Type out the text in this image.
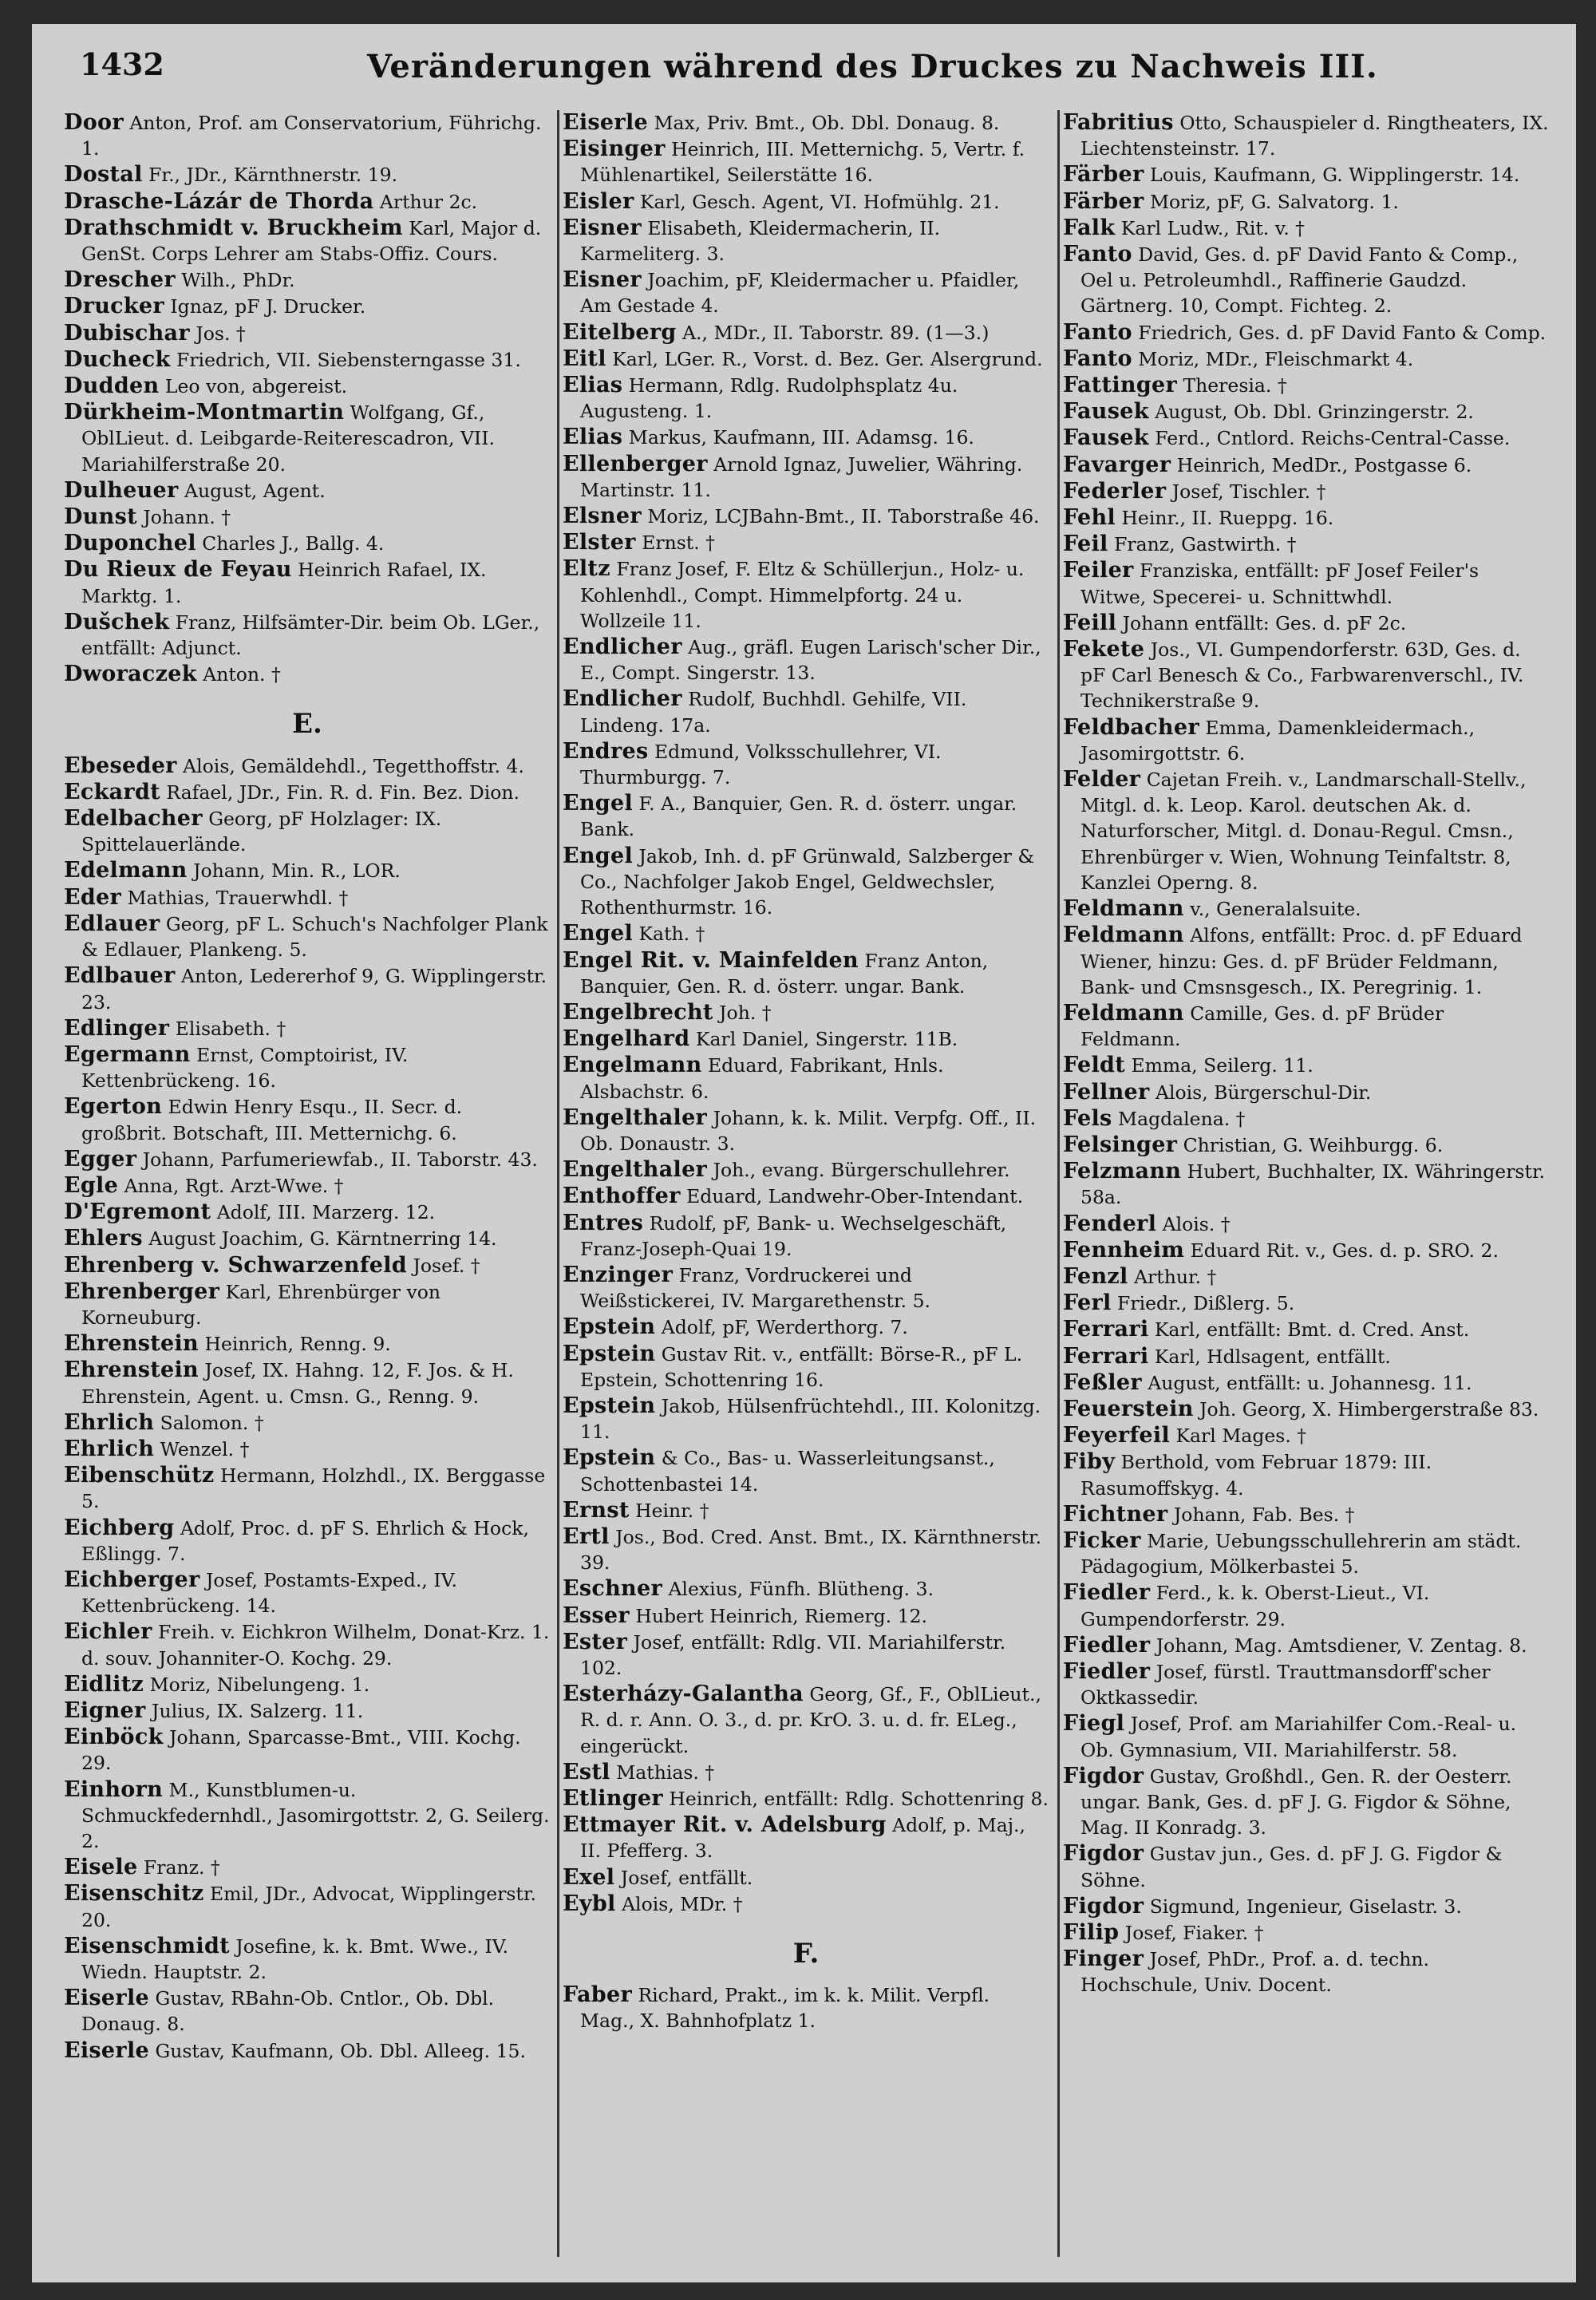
1432	Veränderungen während des Druckes zu Nachweis III.
Door Anton, Prof. am Conservatorium, Führichg. 1.
Dostal Fr., JDr., Kärnthnerstr. 19.
Drasche-Lázár de Thorda Arthur 2c.
Drathschmidt v. Bruckheim Karl, Major d. GenSt. Corps Lehrer am Stabs-Offiz. Cours.
Drescher Wilh., PhDr.
Drucker Ignaz, pF J. Drucker.
Dubischar Jos. †
Ducheck Friedrich, VII. Siebensterngasse 31.
Dudden Leo von, abgereist.
Dürkheim-Montmartin Wolfgang, Gf., OblLieut. d. Leibgarde-Reiterescadron, VII. Mariahilferstraße 20.
Dulheuer August, Agent.
Dunst Johann. †
Duponchel Charles J., Ballg. 4.
Du Rieux de Feyau Heinrich Rafael, IX. Marktg. 1.
Dušchek Franz, Hilfsämter-Dir. beim Ob. LGer., entfällt: Adjunct.
Dworaczek Anton. †
E.
Ebeseder Alois, Gemäldehdl., Tegetthoffstr. 4.
Eckardt Rafael, JDr., Fin. R. d. Fin. Bez. Dion.
Edelbacher Georg, pF Holzlager: IX. Spittelauerlände.
Edelmann Johann, Min. R., LOR.
Eder Mathias, Trauerwhdl. †
Edlauer Georg, pF L. Schuch's Nachfolger Plank & Edlauer, Plankeng. 5.
Edlbauer Anton, Ledererhof 9, G. Wipplingerstr. 23.
Edlinger Elisabeth. †
Egermann Ernst, Comptoirist, IV. Kettenbrückeng. 16.
Egerton Edwin Henry Esqu., II. Secr. d. großbrit. Botschaft, III. Metternichg. 6.
Egger Johann, Parfumeriewfab., II. Taborstr. 43.
Egle Anna, Rgt. Arzt-Wwe. †
D'Egremont Adolf, III. Marzerg. 12.
Ehlers August Joachim, G. Kärntnerring 14.
Ehrenberg v. Schwarzenfeld Josef. †
Ehrenberger Karl, Ehrenbürger von Korneuburg.
Ehrenstein Heinrich, Renng. 9.
Ehrenstein Josef, IX. Hahng. 12, F. Jos. & H. Ehrenstein, Agent. u. Cmsn. G., Renng. 9.
Ehrlich Salomon. †
Ehrlich Wenzel. †
Eibenschütz Hermann, Holzhdl., IX. Berggasse 5.
Eichberg Adolf, Proc. d. pF S. Ehrlich & Hock, Eßlingg. 7.
Eichberger Josef, Postamts-Exped., IV. Kettenbrückeng. 14.
Eichler Freih. v. Eichkron Wilhelm, Donat-Krz. 1. d. souv. Johanniter-O. Kochg. 29.
Eidlitz Moriz, Nibelungeng. 1.
Eigner Julius, IX. Salzerg. 11.
Einböck Johann, Sparcasse-Bmt., VIII. Kochg. 29.
Einhorn M., Kunstblumen-u. Schmuckfedernhdl., Jasomirgottstr. 2, G. Seilerg. 2.
Eisele Franz. †
Eisenschitz Emil, JDr., Advocat, Wipplingerstr. 20.
Eisenschmidt Josefine, k. k. Bmt. Wwe., IV. Wiedn. Hauptstr. 2.
Eiserle Gustav, RBahn-Ob. Cntlor., Ob. Dbl. Donaug. 8.
Eiserle Gustav, Kaufmann, Ob. Dbl. Alleeg. 15.
Eiserle Max, Priv. Bmt., Ob. Dbl. Donaug. 8.
Eisinger Heinrich, III. Metternichg. 5, Vertr. f. Mühlenartikel, Seilerstätte 16.
Eisler Karl, Gesch. Agent, VI. Hofmühlg. 21.
Eisner Elisabeth, Kleidermacherin, II. Karmeliterg. 3.
Eisner Joachim, pF, Kleidermacher u. Pfaidler, Am Gestade 4.
Eitelberg A., MDr., II. Taborstr. 89. (1—3.)
Eitl Karl, LGer. R., Vorst. d. Bez. Ger. Alsergrund.
Elias Hermann, Rdlg. Rudolphsplatz 4u. Augusteng. 1.
Elias Markus, Kaufmann, III. Adamsg. 16.
Ellenberger Arnold Ignaz, Juwelier, Währing. Martinstr. 11.
Elsner Moriz, LCJBahn-Bmt., II. Taborstraße 46.
Elster Ernst. †
Eltz Franz Josef, F. Eltz & Schüllerjun., Holz- u. Kohlenhdl., Compt. Himmelpfortg. 24 u. Wollzeile 11.
Endlicher Aug., gräfl. Eugen Larisch'scher Dir., E., Compt. Singerstr. 13.
Endlicher Rudolf, Buchhdl. Gehilfe, VII. Lindeng. 17a.
Endres Edmund, Volksschullehrer, VI. Thurmburgg. 7.
Engel F. A., Banquier, Gen. R. d. österr. ungar. Bank.
Engel Jakob, Inh. d. pF Grünwald, Salzberger & Co., Nachfolger Jakob Engel, Geldwechsler, Rothenthurmstr. 16.
Engel Kath. †
Engel Rit. v. Mainfelden Franz Anton, Banquier, Gen. R. d. österr. ungar. Bank.
Engelbrecht Joh. †
Engelhard Karl Daniel, Singerstr. 11B.
Engelmann Eduard, Fabrikant, Hnls. Alsbachstr. 6.
Engelthaler Johann, k. k. Milit. Verpfg. Off., II. Ob. Donaustr. 3.
Engelthaler Joh., evang. Bürgerschullehrer.
Enthoffer Eduard, Landwehr-Ober-Intendant.
Entres Rudolf, pF, Bank- u. Wechselgeschäft, Franz-Joseph-Quai 19.
Enzinger Franz, Vordruckerei und Weißstickerei, IV. Margarethenstr. 5.
Epstein Adolf, pF, Werderthorg. 7.
Epstein Gustav Rit. v., entfällt: Börse-R., pF L. Epstein, Schottenring 16.
Epstein Jakob, Hülsenfrüchtehdl., III. Kolonitzg. 11.
Epstein & Co., Bas- u. Wasserleitungsanst., Schottenbastei 14.
Ernst Heinr. †
Ertl Jos., Bod. Cred. Anst. Bmt., IX. Kärnthnerstr. 39.
Eschner Alexius, Fünfh. Blütheng. 3.
Esser Hubert Heinrich, Riemerg. 12.
Ester Josef, entfällt: Rdlg. VII. Mariahilferstr. 102.
Esterházy-Galantha Georg, Gf., F., OblLieut., R. d. r. Ann. O. 3., d. pr. KrO. 3. u. d. fr. ELeg., eingerückt.
Estl Mathias. †
Etlinger Heinrich, entfällt: Rdlg. Schottenring 8.
Ettmayer Rit. v. Adelsburg Adolf, p. Maj., II. Pfefferg. 3.
Exel Josef, entfällt.
Eybl Alois, MDr. †
F.
Faber Richard, Prakt., im k. k. Milit. Verpfl. Mag., X. Bahnhofplatz 1.
Fabritius Otto, Schauspieler d. Ringtheaters, IX. Liechtensteinstr. 17.
Färber Louis, Kaufmann, G. Wipplingerstr. 14.
Färber Moriz, pF, G. Salvatorg. 1.
Falk Karl Ludw., Rit. v. †
Fanto David, Ges. d. pF David Fanto & Comp., Oel u. Petroleumhdl., Raffinerie Gaudzd. Gärtnerg. 10, Compt. Fichteg. 2.
Fanto Friedrich, Ges. d. pF David Fanto & Comp.
Fanto Moriz, MDr., Fleischmarkt 4.
Fattinger Theresia. †
Fausek August, Ob. Dbl. Grinzingerstr. 2.
Fausek Ferd., Cntlord. Reichs-Central-Casse.
Favarger Heinrich, MedDr., Postgasse 6.
Federler Josef, Tischler. †
Fehl Heinr., II. Rueppg. 16.
Feil Franz, Gastwirth. †
Feiler Franziska, entfällt: pF Josef Feiler's Witwe, Specerei- u. Schnittwhdl.
Feill Johann entfällt: Ges. d. pF 2c.
Fekete Jos., VI. Gumpendorferstr. 63D, Ges. d. pF Carl Benesch & Co., Farbwarenverschl., IV. Technikerstraße 9.
Feldbacher Emma, Damenkleidermach., Jasomirgottstr. 6.
Felder Cajetan Freih. v., Landmarschall-Stellv., Mitgl. d. k. Leop. Karol. deutschen Ak. d. Naturforscher, Mitgl. d. Donau-Regul. Cmsn., Ehrenbürger v. Wien, Wohnung Teinfaltstr. 8, Kanzlei Operng. 8.
Feldmann v., Generalalsuite.
Feldmann Alfons, entfällt: Proc. d. pF Eduard Wiener, hinzu: Ges. d. pF Brüder Feldmann, Bank- und Cmsnsgesch., IX. Peregrinig. 1.
Feldmann Camille, Ges. d. pF Brüder Feldmann.
Feldt Emma, Seilerg. 11.
Fellner Alois, Bürgerschul-Dir.
Fels Magdalena. †
Felsinger Christian, G. Weihburgg. 6.
Felzmann Hubert, Buchhalter, IX. Währingerstr. 58a.
Fenderl Alois. †
Fennheim Eduard Rit. v., Ges. d. p. SRO. 2.
Fenzl Arthur. †
Ferl Friedr., Dißlerg. 5.
Ferrari Karl, entfällt: Bmt. d. Cred. Anst.
Ferrari Karl, Hdlsagent, entfällt.
Feßler August, entfällt: u. Johannesg. 11.
Feuerstein Joh. Georg, X. Himbergerstraße 83.
Feyerfeil Karl Mages. †
Fiby Berthold, vom Februar 1879: III. Rasumoffskyg. 4.
Fichtner Johann, Fab. Bes. †
Ficker Marie, Uebungsschullehrerin am städt. Pädagogium, Mölkerbastei 5.
Fiedler Ferd., k. k. Oberst-Lieut., VI. Gumpendorferstr. 29.
Fiedler Johann, Mag. Amtsdiener, V. Zentag. 8.
Fiedler Josef, fürstl. Trauttmansdorff'scher Oktkassedir.
Fiegl Josef, Prof. am Mariahilfer Com.-Real- u. Ob. Gymnasium, VII. Mariahilferstr. 58.
Figdor Gustav, Großhdl., Gen. R. der Oesterr. ungar. Bank, Ges. d. pF J. G. Figdor & Söhne, Mag. II Konradg. 3.
Figdor Gustav jun., Ges. d. pF J. G. Figdor & Söhne.
Figdor Sigmund, Ingenieur, Giselastr. 3.
Filip Josef, Fiaker. †
Finger Josef, PhDr., Prof. a. d. techn. Hochschule, Univ. Docent.
